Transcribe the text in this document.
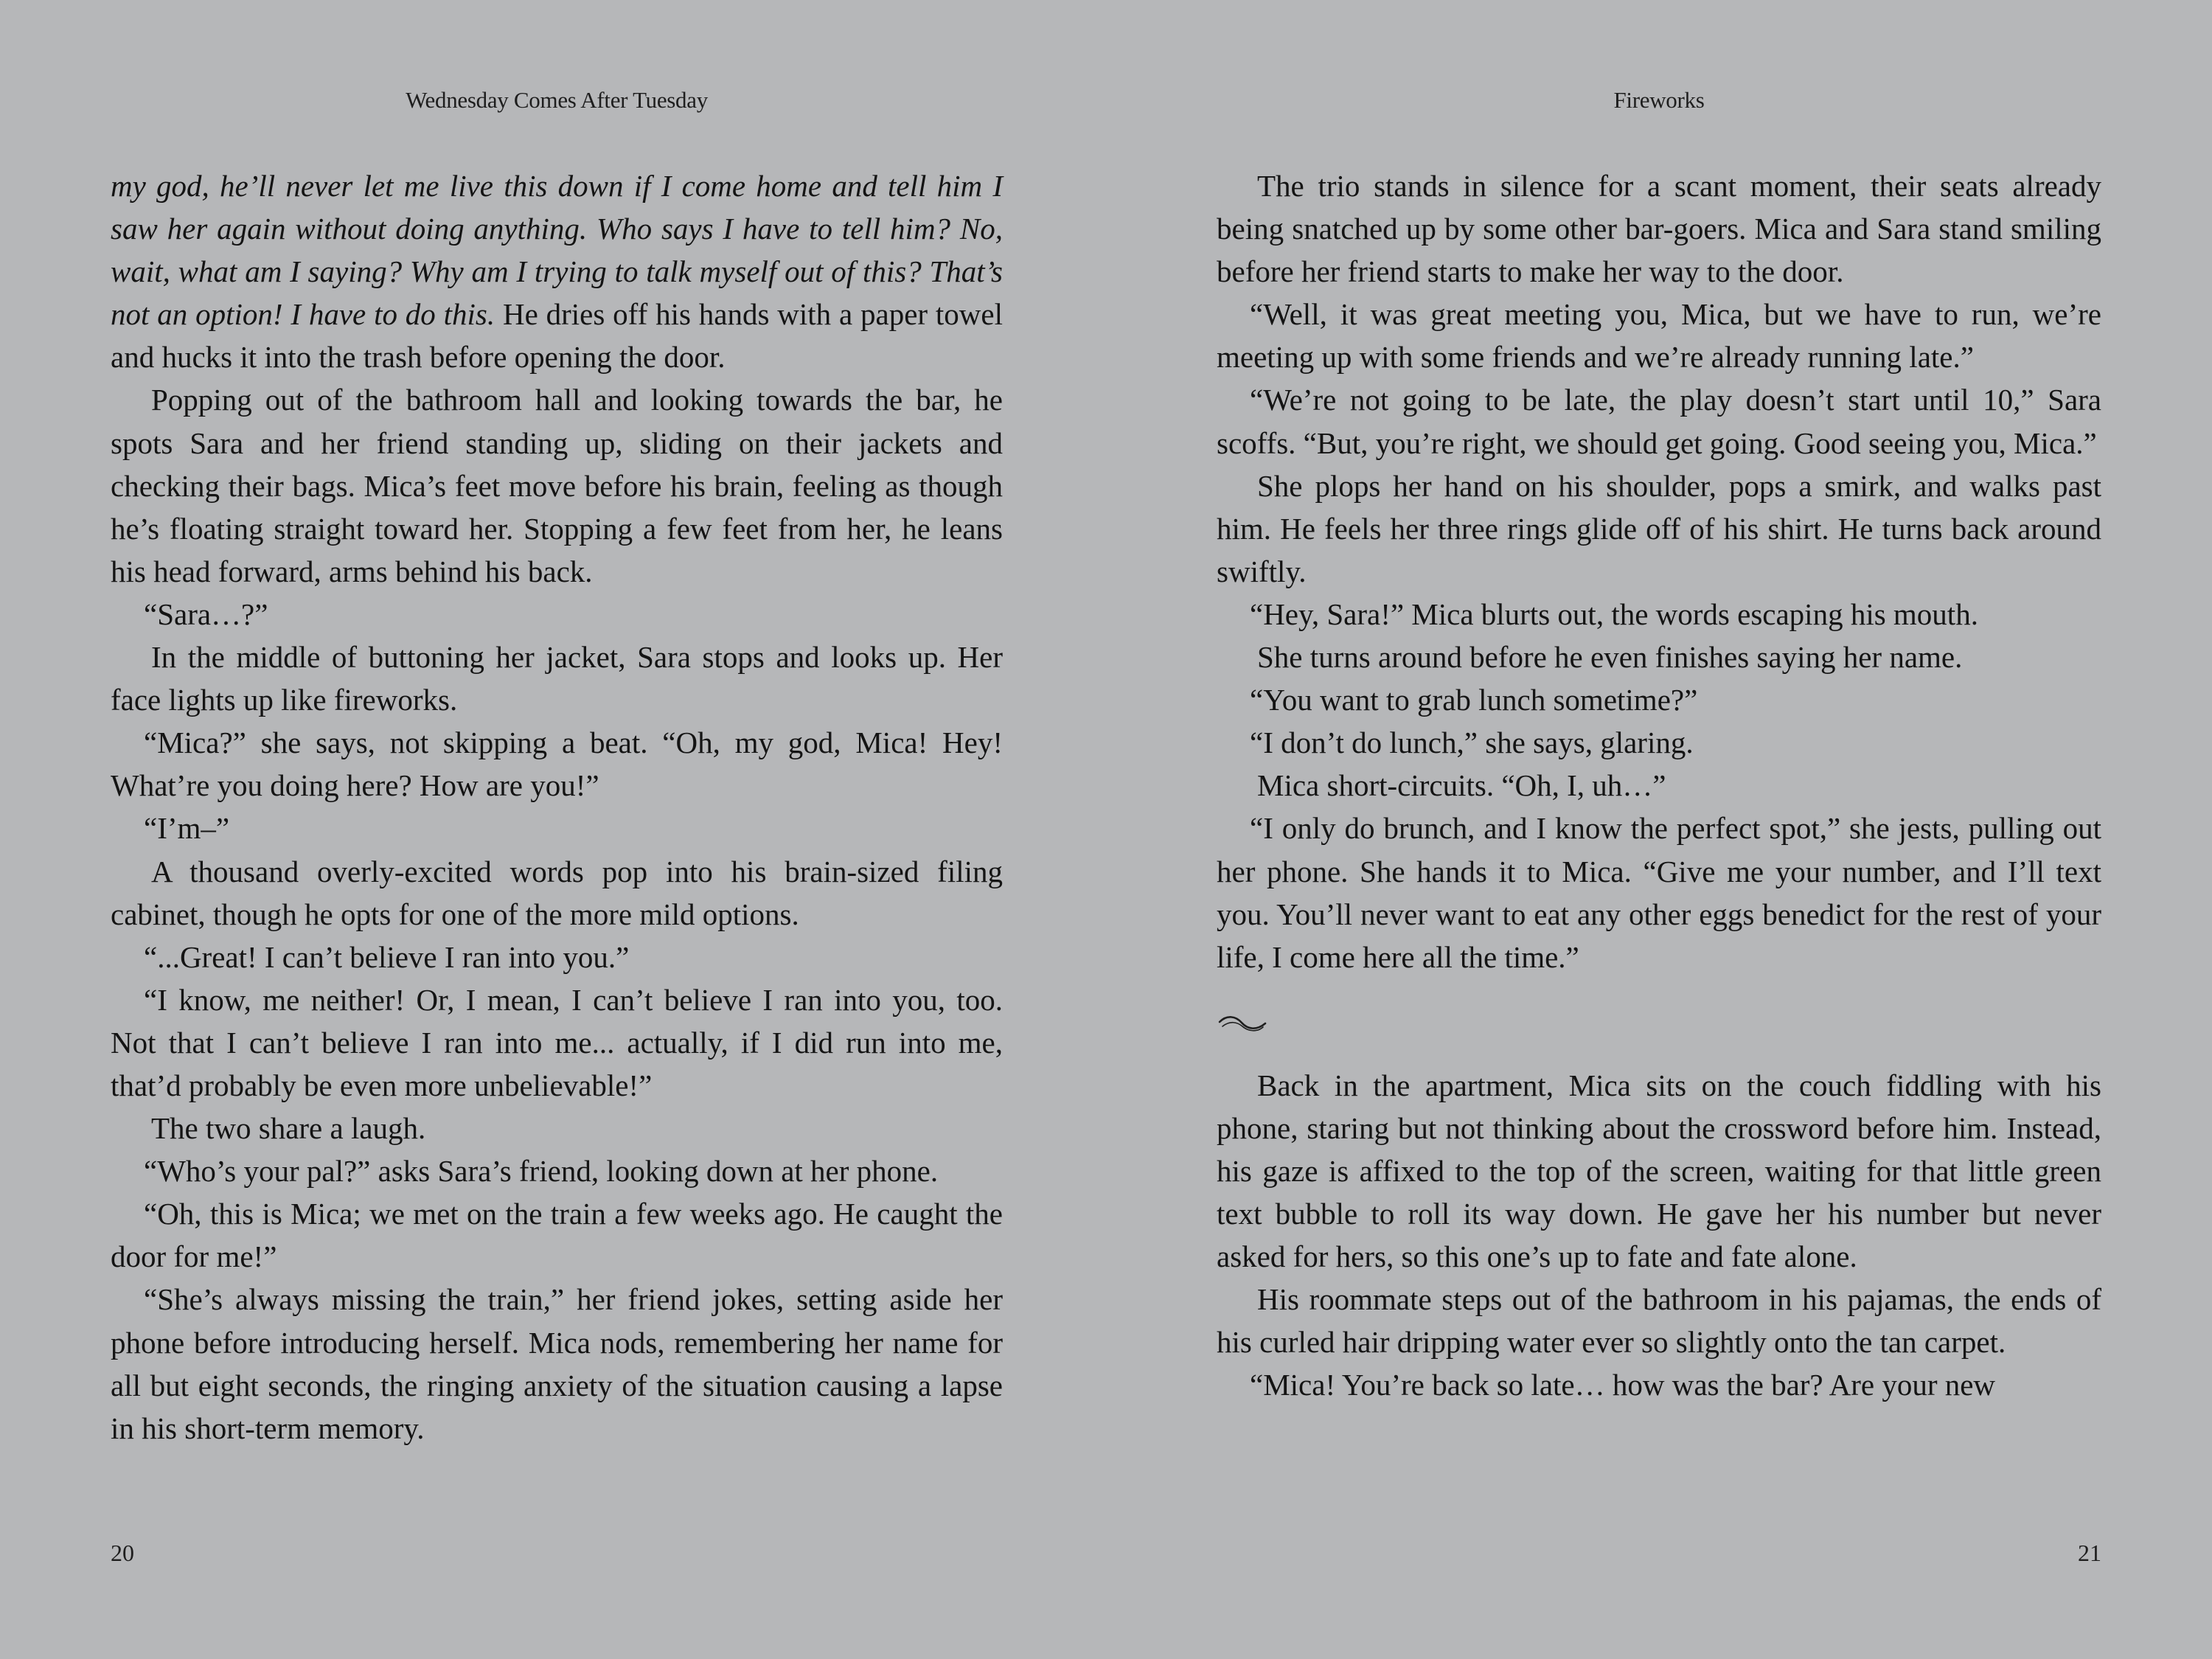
Wednesday Comes After Tuesday

my god, he’ll never let me live this down if I come home and tell him I saw her again without doing anything. Who says I have to tell him? No, wait, what am I saying? Why am I trying to talk myself out of this? That’s not an option! I have to do this. He dries off his hands with a paper towel and hucks it into the trash before opening the door.

Popping out of the bathroom hall and looking towards the bar, he spots Sara and her friend standing up, sliding on their jackets and checking their bags. Mica’s feet move before his brain, feeling as though he’s floating straight toward her. Stopping a few feet from her, he leans his head forward, arms behind his back.

“Sara…?”

In the middle of buttoning her jacket, Sara stops and looks up. Her face lights up like fireworks.

“Mica?” she says, not skipping a beat. “Oh, my god, Mica! Hey! What’re you doing here? How are you!”

“I’m–”

A thousand overly-excited words pop into his brain-sized filing cabinet, though he opts for one of the more mild options.

“...Great! I can’t believe I ran into you.”

“I know, me neither! Or, I mean, I can’t believe I ran into you, too. Not that I can’t believe I ran into me... actually, if I did run into me, that’d probably be even more unbelievable!”

The two share a laugh.

“Who’s your pal?” asks Sara’s friend, looking down at her phone.

“Oh, this is Mica; we met on the train a few weeks ago. He caught the door for me!”

“She’s always missing the train,” her friend jokes, setting aside her phone before introducing herself. Mica nods, remembering her name for all but eight seconds, the ringing anxiety of the situation causing a lapse in his short-term memory.

20
Fireworks

The trio stands in silence for a scant moment, their seats already being snatched up by some other bar-goers. Mica and Sara stand smiling before her friend starts to make her way to the door.

“Well, it was great meeting you, Mica, but we have to run, we’re meeting up with some friends and we’re already running late.”

“We’re not going to be late, the play doesn’t start until 10,” Sara scoffs. “But, you’re right, we should get going. Good seeing you, Mica.”

She plops her hand on his shoulder, pops a smirk, and walks past him. He feels her three rings glide off of his shirt. He turns back around swiftly.

“Hey, Sara!” Mica blurts out, the words escaping his mouth.

She turns around before he even finishes saying her name.

“You want to grab lunch sometime?”

“I don’t do lunch,” she says, glaring.

Mica short-circuits. “Oh, I, uh…”

“I only do brunch, and I know the perfect spot,” she jests, pulling out her phone. She hands it to Mica. “Give me your number, and I’ll text you. You’ll never want to eat any other eggs benedict for the rest of your life, I come here all the time.”

Back in the apartment, Mica sits on the couch fiddling with his phone, staring but not thinking about the crossword before him. Instead, his gaze is affixed to the top of the screen, waiting for that little green text bubble to roll its way down. He gave her his number but never asked for hers, so this one’s up to fate and fate alone.

His roommate steps out of the bathroom in his pajamas, the ends of his curled hair dripping water ever so slightly onto the tan carpet.

“Mica! You’re back so late… how was the bar? Are your new

21
